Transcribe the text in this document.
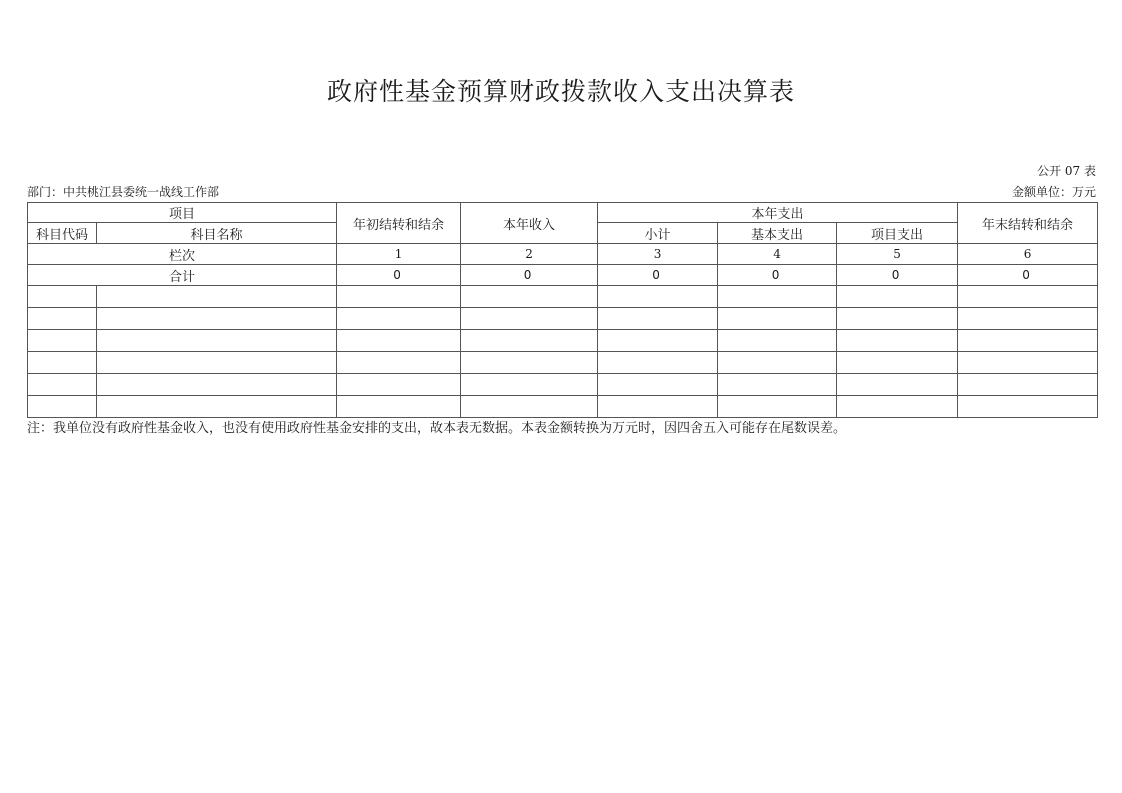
政府性基金预算财政拨款收入支出决算表
公开 07 表
部门：中共桃江县委统一战线工作部	金额单位：万元
项目		年初结转和结余	本年收入	本年支出			年末结转和结余
科目代码	科目名称			小计	基本支出	项目支出	
栏次		1	2	3	4	5	6
合计		0	0	0	0	0	0

注：我单位没有政府性基金收入，也没有使用政府性基金安排的支出，故本表无数据。本表金额转换为万元时，因四舍五入可能存在尾数误差。
